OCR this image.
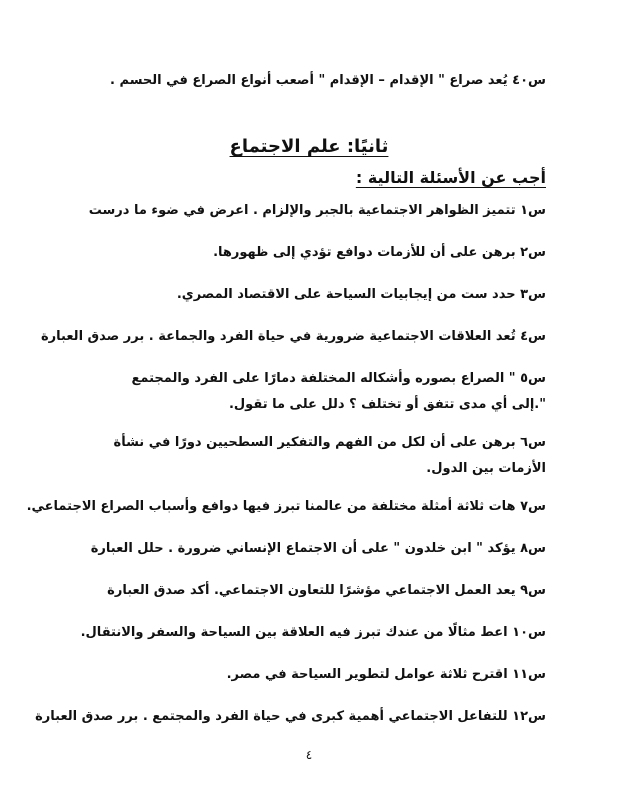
س٤٠ يُعد صراع " الإقدام – الإقدام " أصعب أنواع الصراع في الحسم .

ثانيًا: علم الاجتماع
أجب عن الأسئلة التالية :

س١ تتميز الظواهر الاجتماعية بالجبر والإلزام . اعرض في ضوء ما درست

س٢ برهن على أن للأزمات دوافع تؤدي إلى ظهورها.

س٣ حدد ست من إيجابيات السياحة على الاقتصاد المصري.

س٤ تُعد العلاقات الاجتماعية ضرورية في حياة الفرد والجماعة . برر صدق العبارة

س٥ " الصراع بصوره وأشكاله المختلفة دمارًا على الفرد والمجتمع ".إلى أي مدى تتفق أو تختلف ؟ دلل على ما تقول.

س٦ برهن على أن لكل من الفهم والتفكير السطحيين دورًا في نشأة الأزمات بين الدول.

س٧ هات ثلاثة أمثلة مختلفة من عالمنا تبرز فيها دوافع وأسباب الصراع الاجتماعي.

س٨ يؤكد " ابن خلدون " على أن الاجتماع الإنساني ضرورة . حلل العبارة

س٩ يعد العمل الاجتماعي مؤشرًا للتعاون الاجتماعي. أكد صدق العبارة

س١٠ اعط مثالًا من عندك تبرز فيه العلاقة بين السياحة والسفر والانتقال.

س١١ اقترح ثلاثة عوامل لتطوير السياحة في مصر.

س١٢ للتفاعل الاجتماعي أهمية كبرى في حياة الفرد والمجتمع . برر صدق العبارة

٤
